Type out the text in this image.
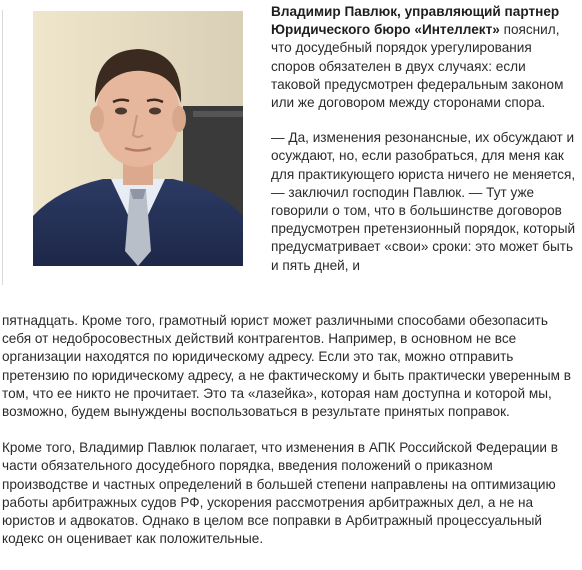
Владимир Павлюк, управляющий партнер Юридического бюро «Интеллект» пояснил, что досудебный порядок урегулирования споров обязателен в двух случаях: если таковой предусмотрен федеральным законом или же договором между сторонами спора.

— Да, изменения резонансные, их обсуждают и осуждают, но, если разобраться, для меня как для практикующего юриста ничего не меняется,— заключил господин Павлюк. — Тут уже говорили о том, что в большинстве договоров предусмотрен претензионный порядок, который предусматривает «свои» сроки: это может быть и пять дней, и

пятнадцать. Кроме того, грамотный юрист может различными способами обезопасить себя от недобросовестных действий контрагентов. Например, в основном не все организации находятся по юридическому адресу. Если это так, можно отправить претензию по юридическому адресу, а не фактическому и быть практически уверенным в том, что ее никто не прочитает. Это та «лазейка», которая нам доступна и которой мы, возможно, будем вынуждены воспользоваться в результате принятых поправок.

Кроме того, Владимир Павлюк полагает, что изменения в АПК Российской Федерации в части обязательного досудебного порядка, введения положений о приказном производстве и частных определений в большей степени направлены на оптимизацию работы арбитражных судов РФ, ускорения рассмотрения арбитражных дел, а не на юристов и адвокатов. Однако в целом все поправки в Арбитражный процессуальный кодекс он оценивает как положительные.
